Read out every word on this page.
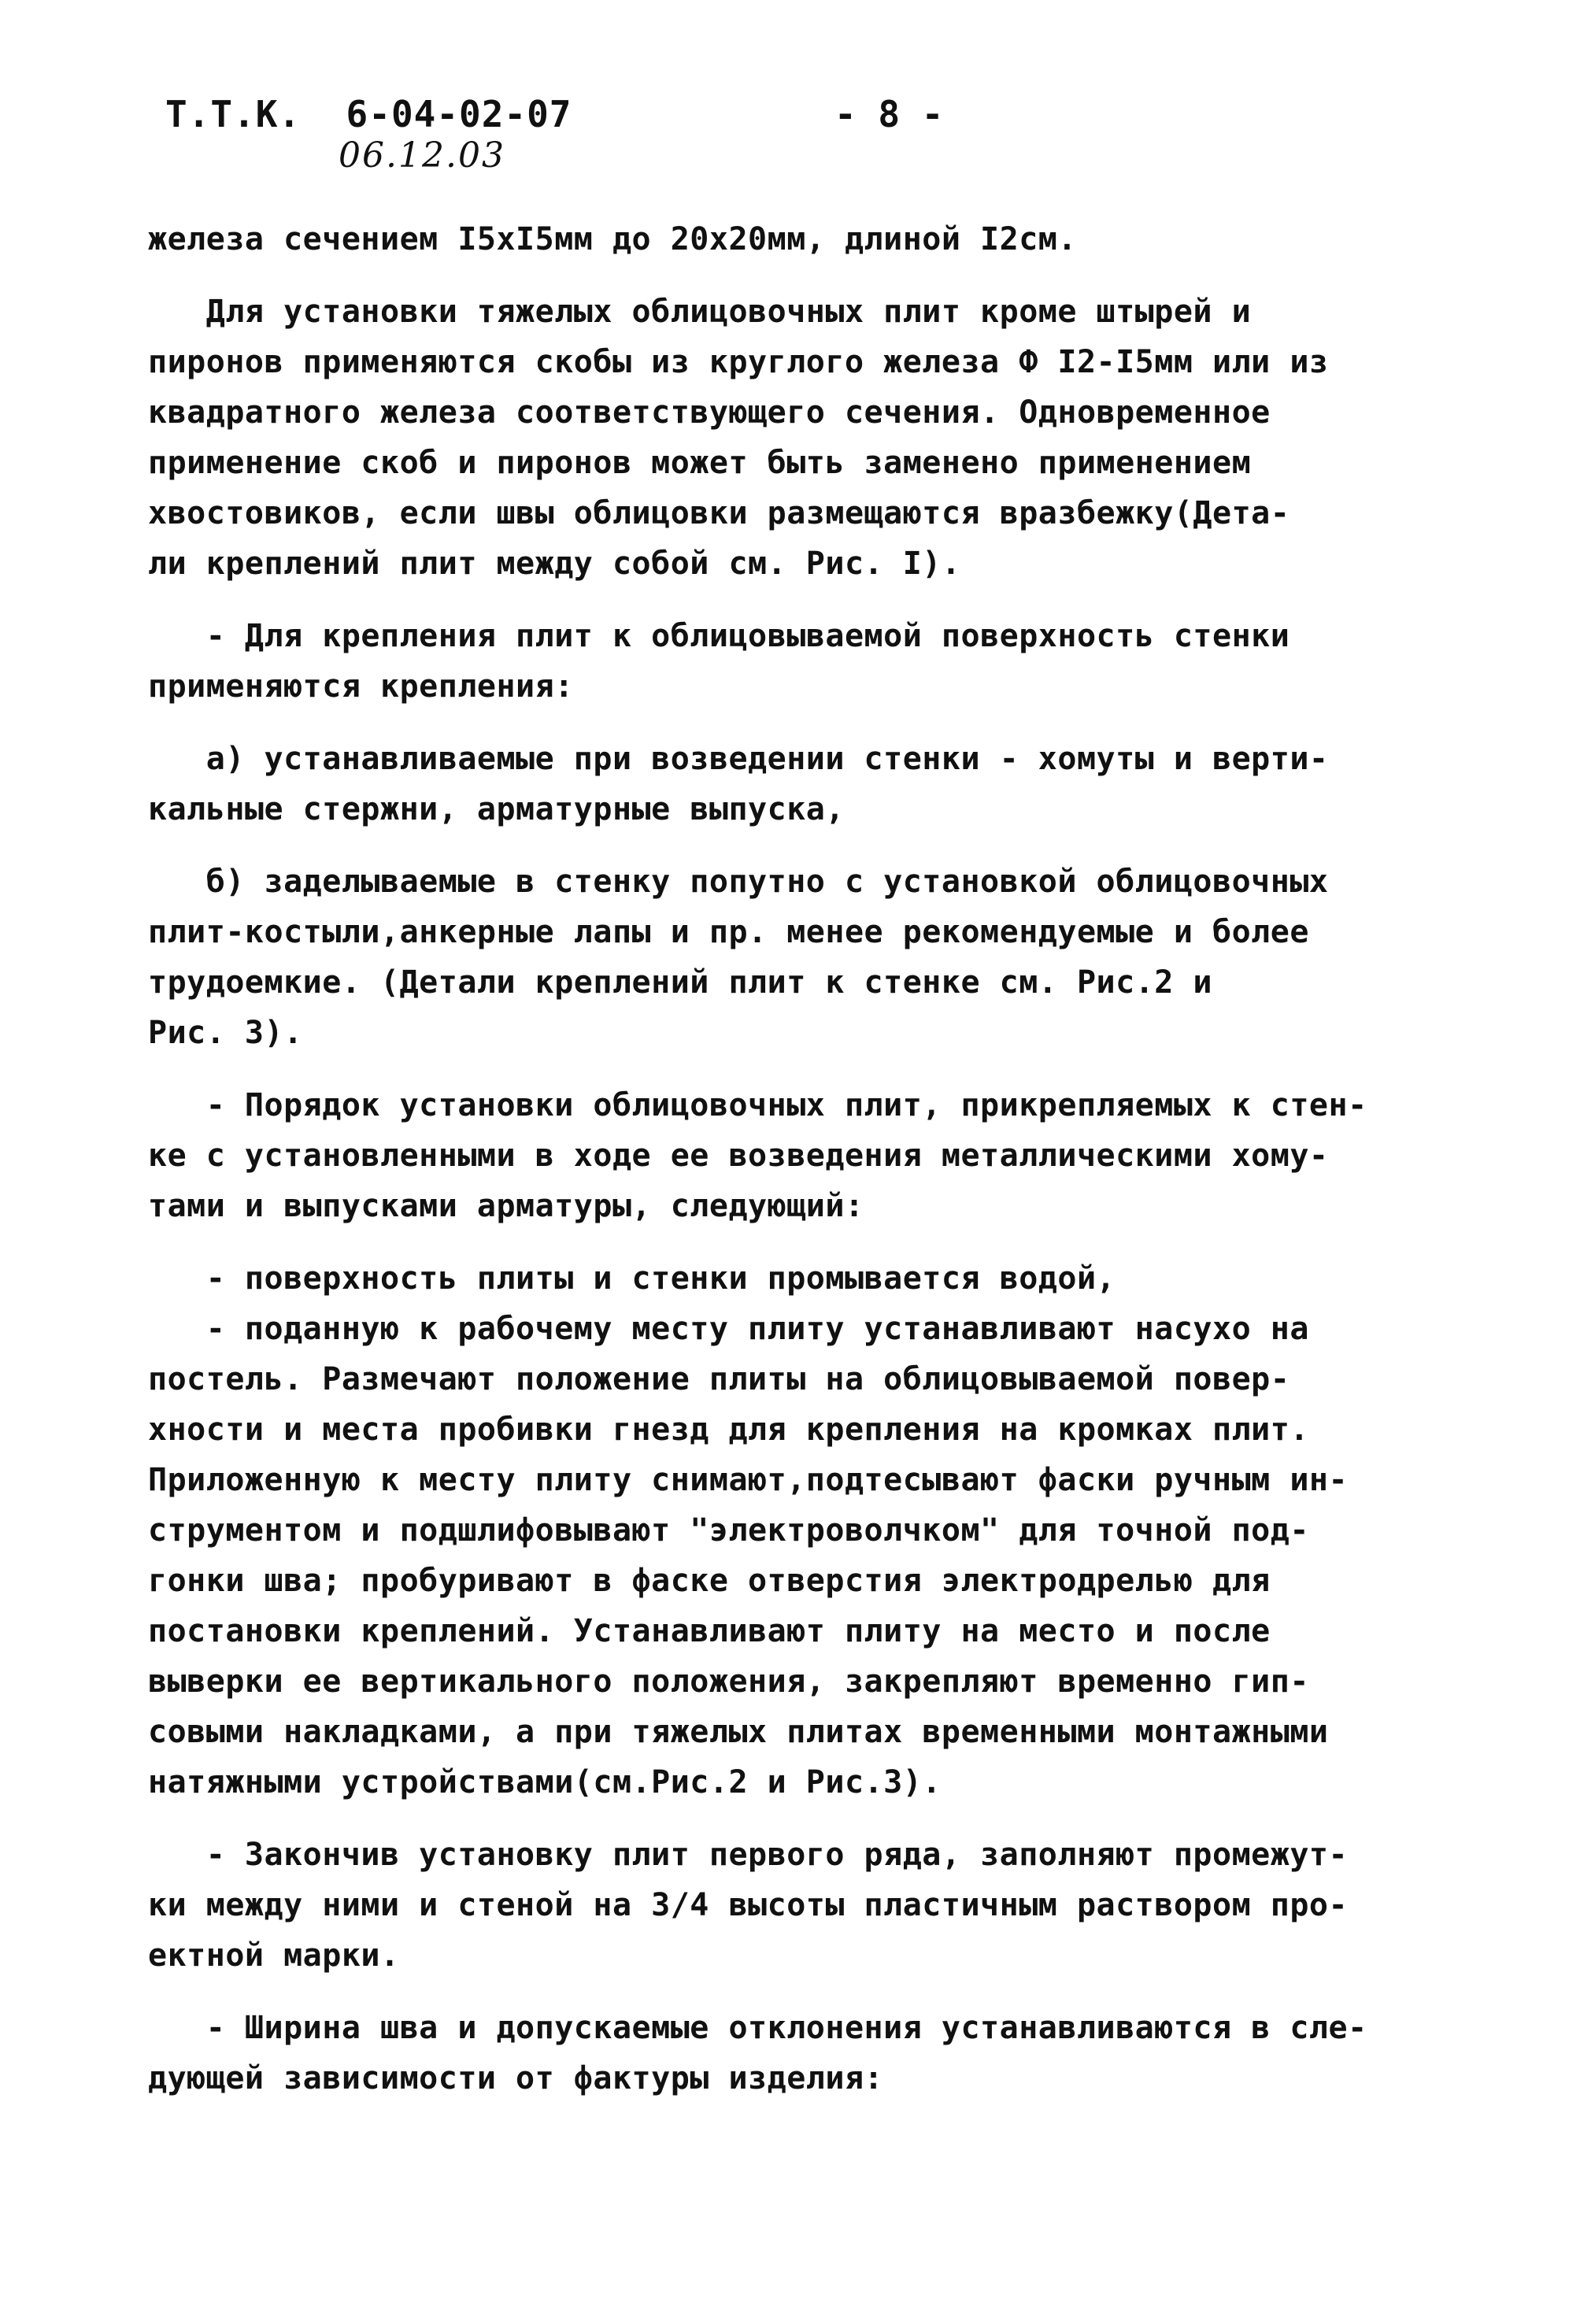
Т.Т.К.  6-04-02-07	- 8 -
06.12.03
железа сечением I5xI5мм до 20x20мм, длиной I2см.
Для установки тяжелых облицовочных плит кроме штырей и
пиронов применяются скобы из круглого железа Ф I2-I5мм или из
квадратного железа соответствующего сечения. Одновременное
применение скоб и пиронов может быть заменено применением
хвостовиков, если швы облицовки размещаются вразбежку(Дета-
ли креплений плит между собой см. Рис. I).
- Для крепления плит к облицовываемой поверхность стенки
применяются крепления:
а) устанавливаемые при возведении стенки - хомуты и верти-
кальные стержни, арматурные выпуска,
б) заделываемые в стенку попутно с установкой облицовочных
плит-костыли,анкерные лапы и пр. менее рекомендуемые и более
трудоемкие. (Детали креплений плит к стенке см. Рис.2 и
Рис. 3).
- Порядок установки облицовочных плит, прикрепляемых к стен-
ке с установленными в ходе ее возведения металлическими хому-
тами и выпусками арматуры, следующий:
- поверхность плиты и стенки промывается водой,
- поданную к рабочему месту плиту устанавливают насухо на
постель. Размечают положение плиты на облицовываемой повер-
хности и места пробивки гнезд для крепления на кромках плит.
Приложенную к месту плиту снимают,подтесывают фаски ручным ин-
струментом и подшлифовывают "электроволчком" для точной под-
гонки шва; пробуривают в фаске отверстия электродрелью для
постановки креплений. Устанавливают плиту на место и после
выверки ее вертикального положения, закрепляют временно гип-
совыми накладками, а при тяжелых плитах временными монтажными
натяжными устройствами(см.Рис.2 и Рис.3).
- Закончив установку плит первого ряда, заполняют промежут-
ки между ними и стеной на 3/4 высоты пластичным раствором про-
ектной марки.
- Ширина шва и допускаемые отклонения устанавливаются в сле-
дующей зависимости от фактуры изделия:
